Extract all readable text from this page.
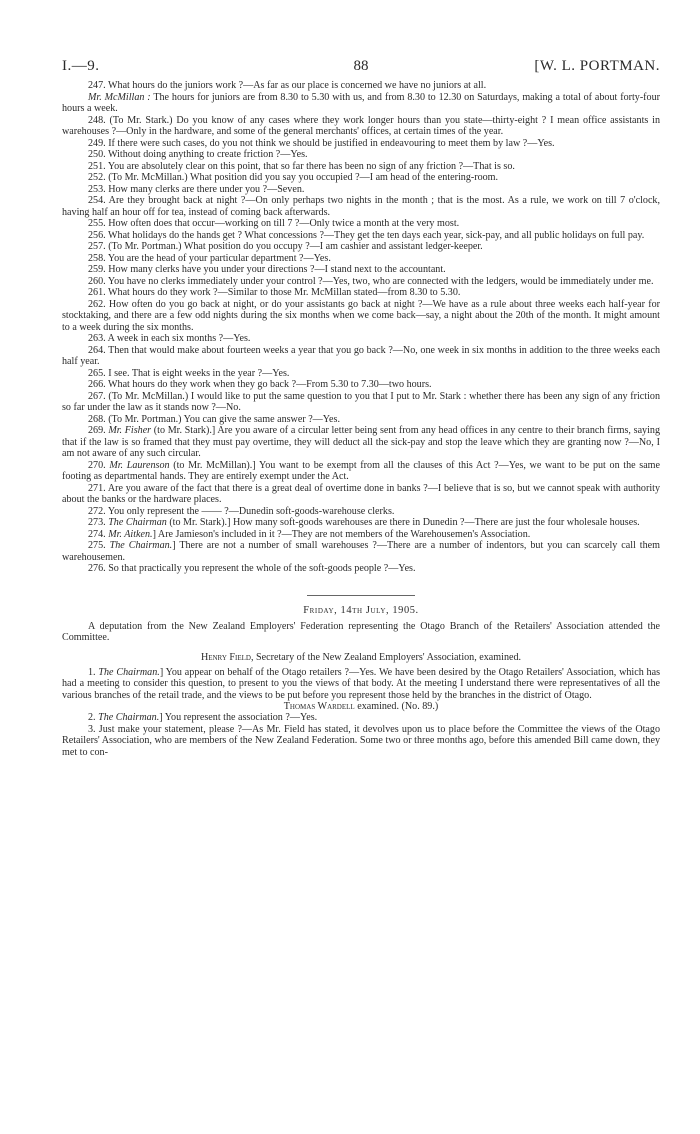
I.—9.	88	[W. L. PORTMAN.

247. What hours do the juniors work ?—As far as our place is concerned we have no juniors at all.

Mr. McMillan : The hours for juniors are from 8.30 to 5.30 with us, and from 8.30 to 12.30 on Saturdays, making a total of about forty-four hours a week.

248. (To Mr. Stark.) Do you know of any cases where they work longer hours than you state—thirty-eight ? I mean office assistants in warehouses ?—Only in the hardware, and some of the general merchants' offices, at certain times of the year.

249. If there were such cases, do you not think we should be justified in endeavouring to meet them by law ?—Yes.

250. Without doing anything to create friction ?—Yes.

251. You are absolutely clear on this point, that so far there has been no sign of any friction ?—That is so.

252. (To Mr. McMillan.) What position did you say you occupied ?—I am head of the entering-room.

253. How many clerks are there under you ?—Seven.

254. Are they brought back at night ?—On only perhaps two nights in the month ; that is the most. As a rule, we work on till 7 o'clock, having half an hour off for tea, instead of coming back afterwards.

255. How often does that occur—working on till 7 ?—Only twice a month at the very most.

256. What holidays do the hands get ? What concessions ?—They get the ten days each year, sick-pay, and all public holidays on full pay.

257. (To Mr. Portman.) What position do you occupy ?—I am cashier and assistant ledger-keeper.

258. You are the head of your particular department ?—Yes.

259. How many clerks have you under your directions ?—I stand next to the accountant.

260. You have no clerks immediately under your control ?—Yes, two, who are connected with the ledgers, would be immediately under me.

261. What hours do they work ?—Similar to those Mr. McMillan stated—from 8.30 to 5.30.

262. How often do you go back at night, or do your assistants go back at night ?—We have as a rule about three weeks each half-year for stocktaking, and there are a few odd nights during the six months when we come back—say, a night about the 20th of the month. It might amount to a week during the six months.

263. A week in each six months ?—Yes.

264. Then that would make about fourteen weeks a year that you go back ?—No, one week in six months in addition to the three weeks each half year.

265. I see. That is eight weeks in the year ?—Yes.

266. What hours do they work when they go back ?—From 5.30 to 7.30—two hours.

267. (To Mr. McMillan.) I would like to put the same question to you that I put to Mr. Stark : whether there has been any sign of any friction so far under the law as it stands now ?—No.

268. (To Mr. Portman.) You can give the same answer ?—Yes.

269. Mr. Fisher (to Mr. Stark).] Are you aware of a circular letter being sent from any head offices in any centre to their branch firms, saying that if the law is so framed that they must pay overtime, they will deduct all the sick-pay and stop the leave which they are granting now ?—No, I am not aware of any such circular.

270. Mr. Laurenson (to Mr. McMillan).] You want to be exempt from all the clauses of this Act ?—Yes, we want to be put on the same footing as departmental hands. They are entirely exempt under the Act.

271. Are you aware of the fact that there is a great deal of overtime done in banks ?—I believe that is so, but we cannot speak with authority about the banks or the hardware places.

272. You only represent the —— ?—Dunedin soft-goods-warehouse clerks.

273. The Chairman (to Mr. Stark).] How many soft-goods warehouses are there in Dunedin ?—There are just the four wholesale houses.

274. Mr. Aitken.] Are Jamieson's included in it ?—They are not members of the Warehousemen's Association.

275. The Chairman.] There are not a number of small warehouses ?—There are a number of indentors, but you can scarcely call them warehousemen.

276. So that practically you represent the whole of the soft-goods people ?—Yes.

Friday, 14th July, 1905.

A deputation from the New Zealand Employers' Federation representing the Otago Branch of the Retailers' Association attended the Committee.

Henry Field, Secretary of the New Zealand Employers' Association, examined.

1. The Chairman.] You appear on behalf of the Otago retailers ?—Yes. We have been desired by the Otago Retailers' Association, which has had a meeting to consider this question, to present to you the views of that body. At the meeting I understand there were representatives of all the various branches of the retail trade, and the views to be put before you represent those held by the branches in the district of Otago.

Thomas Wardell examined. (No. 89.)

2. The Chairman.] You represent the association ?—Yes.

3. Just make your statement, please ?—As Mr. Field has stated, it devolves upon us to place before the Committee the views of the Otago Retailers' Association, who are members of the New Zealand Federation. Some two or three months ago, before this amended Bill came down, they met to con-
